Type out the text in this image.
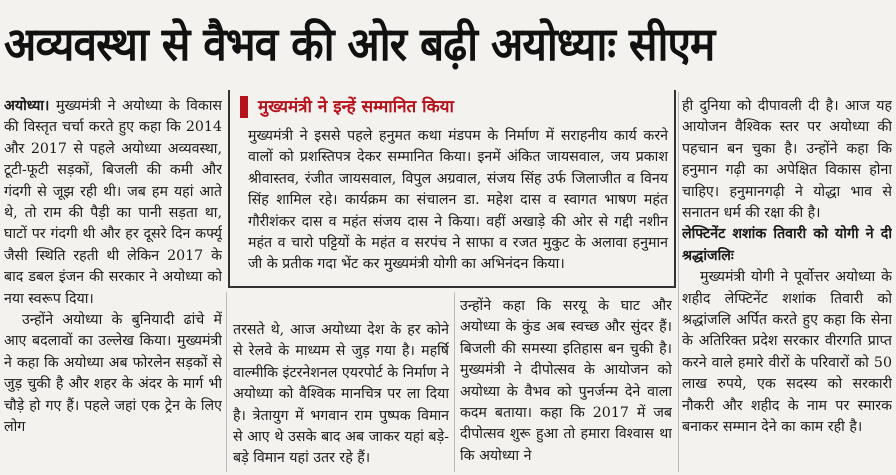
अव्यवस्था से वैभव की ओर बढ़ी अयोध्याः सीएम

अयोध्या। मुख्यमंत्री ने अयोध्या के विकास की विस्तृत चर्चा करते हुए कहा कि 2014 और 2017 से पहले अयोध्या अव्यवस्था, टूटी-फूटी सड़कों, बिजली की कमी और गंदगी से जूझ रही थी। जब हम यहां आते थे, तो राम की पैड़ी का पानी सड़ता था, घाटों पर गंदगी थी और हर दूसरे दिन कर्फ्यू जैसी स्थिति रहती थी लेकिन 2017 के बाद डबल इंजन की सरकार ने अयोध्या को नया स्वरूप दिया।

उन्होंने अयोध्या के बुनियादी ढांचे में आए बदलावों का उल्लेख किया। मुख्यमंत्री ने कहा कि अयोध्या अब फोरलेन सड़कों से जुड़ चुकी है और शहर के अंदर के मार्ग भी चौड़े हो गए हैं। पहले जहां एक ट्रेन के लिए लोग

मुख्यमंत्री ने इन्हें सम्मानित किया
मुख्यमंत्री ने इससे पहले हनुमत कथा मंडपम के निर्माण में सराहनीय कार्य करने वालों को प्रशस्तिपत्र देकर सम्मानित किया। इनमें अंकित जायसवाल, जय प्रकाश श्रीवास्तव, रंजीत जायसवाल, विपुल अग्रवाल, संजय सिंह उर्फ जिलाजीत व विनय सिंह शामिल रहे। कार्यक्रम का संचालन डा. महेश दास व स्वागत भाषण महंत गौरीशंकर दास व महंत संजय दास ने किया। वहीं अखाड़े की ओर से गद्दी नशीन महंत व चारो पट्टियों के महंत व सरपंच ने साफा व रजत मुकुट के अलावा हनुमान जी के प्रतीक गदा भेंट कर मुख्यमंत्री योगी का अभिनंदन किया।

तरसते थे, आज अयोध्या देश के हर कोने से रेलवे के माध्यम से जुड़ गया है। महर्षि वाल्मीकि इंटरनेशनल एयरपोर्ट के निर्माण ने अयोध्या को वैश्विक मानचित्र पर ला दिया है। त्रेतायुग में भगवान राम पुष्पक विमान से आए थे उसके बाद अब जाकर यहां बड़े-बड़े विमान यहां उतर रहे हैं।

उन्होंने कहा कि सरयू के घाट और अयोध्या के कुंड अब स्वच्छ और सुंदर हैं। बिजली की समस्या इतिहास बन चुकी है। मुख्यमंत्री ने दीपोत्सव के आयोजन को अयोध्या के वैभव को पुनर्जन्म देने वाला कदम बताया। कहा कि 2017 में जब दीपोत्सव शुरू हुआ तो हमारा विश्वास था कि अयोध्या ने

ही दुनिया को दीपावली दी है। आज यह आयोजन वैश्विक स्तर पर अयोध्या की पहचान बन चुका है। उन्होंने कहा कि हनुमान गढ़ी का अपेक्षित विकास होना चाहिए। हनुमानगढ़ी ने योद्धा भाव से सनातन धर्म की रक्षा की है।

लेफ्टिनेंट शशांक तिवारी को योगी ने दी श्रद्धांजलिः

मुख्यमंत्री योगी ने पूर्वोत्तर अयोध्या के शहीद लेफ्टिनेंट शशांक तिवारी को श्रद्धांजलि अर्पित करते हुए कहा कि सेना के अतिरिक्त प्रदेश सरकार वीरगति प्राप्त करने वाले हमारे वीरों के परिवारों को 50 लाख रुपये, एक सदस्य को सरकारी नौकरी और शहीद के नाम पर स्मारक बनाकर सम्मान देने का काम रही है।
